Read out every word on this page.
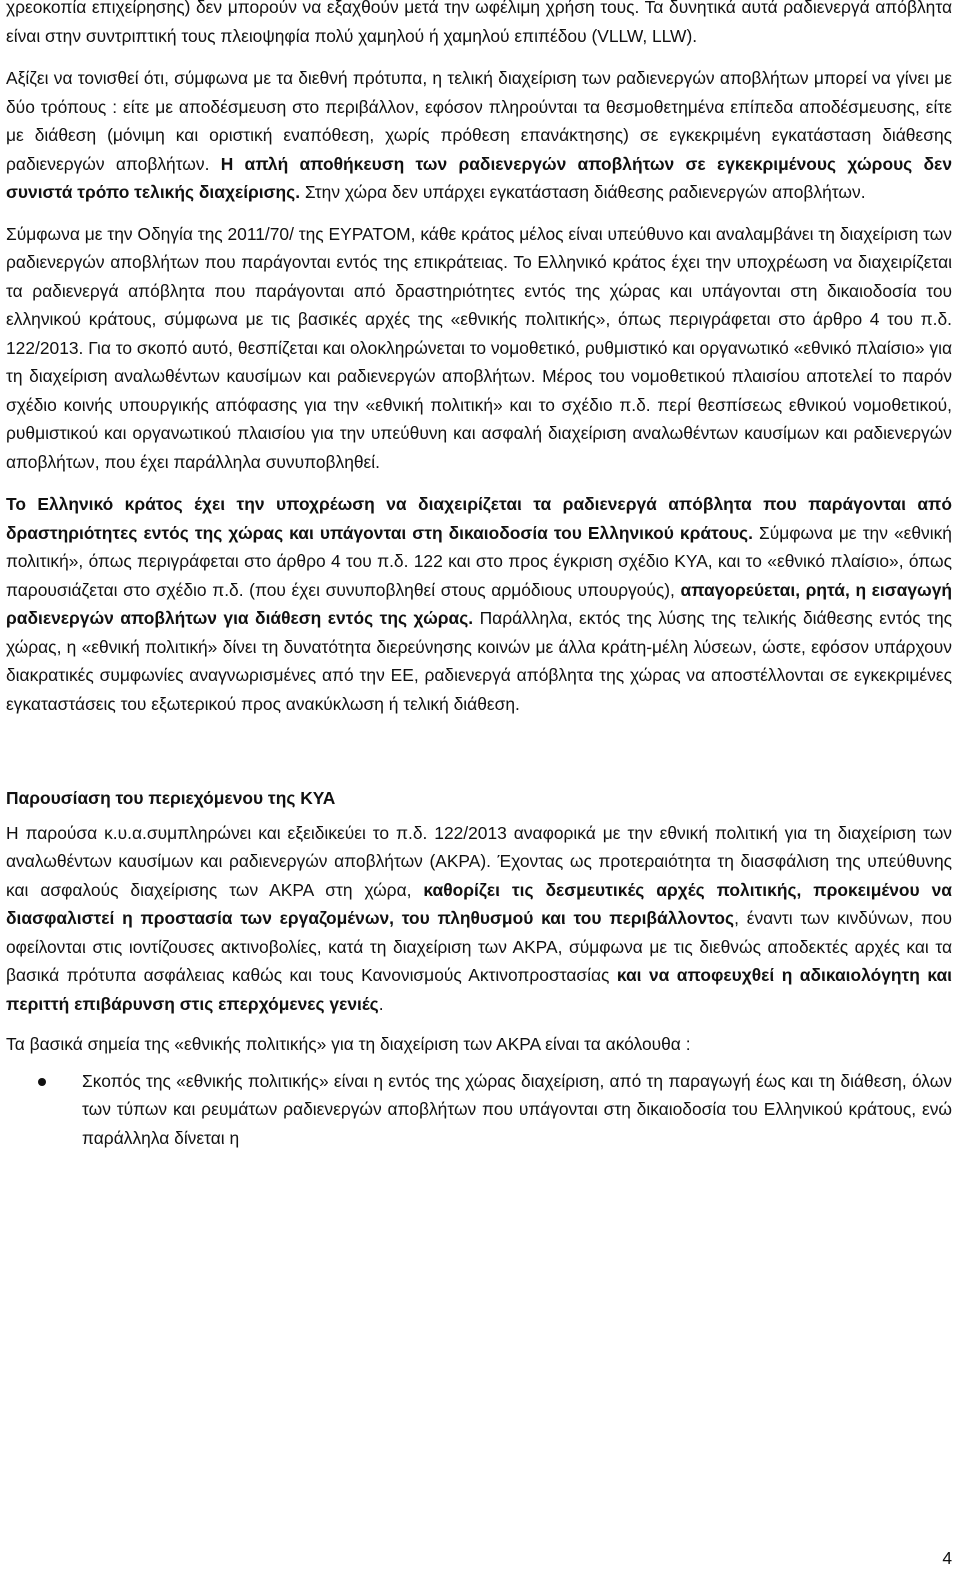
χρεοκοπία επιχείρησης) δεν μπορούν να εξαχθούν μετά την ωφέλιμη χρήση τους. Τα δυνητικά αυτά ραδιενεργά απόβλητα είναι στην συντριπτική τους πλειοψηφία πολύ χαμηλού ή χαμηλού επιπέδου (VLLW, LLW).

Αξίζει να τονισθεί ότι, σύμφωνα με τα διεθνή πρότυπα, η τελική διαχείριση των ραδιενεργών αποβλήτων μπορεί να γίνει με δύο τρόπους : είτε με αποδέσμευση στο περιβάλλον, εφόσον πληρούνται τα θεσμοθετημένα επίπεδα αποδέσμευσης, είτε με διάθεση (μόνιμη και οριστική εναπόθεση, χωρίς πρόθεση επανάκτησης) σε εγκεκριμένη εγκατάσταση διάθεσης ραδιενεργών αποβλήτων. Η απλή αποθήκευση των ραδιενεργών αποβλήτων σε εγκεκριμένους χώρους δεν συνιστά τρόπο τελικής διαχείρισης. Στην χώρα δεν υπάρχει εγκατάσταση διάθεσης ραδιενεργών αποβλήτων.

Σύμφωνα με την Οδηγία της 2011/70/ της ΕΥΡΑΤΟΜ, κάθε κράτος μέλος είναι υπεύθυνο και αναλαμβάνει τη διαχείριση των ραδιενεργών αποβλήτων που παράγονται εντός της επικράτειας. Το Ελληνικό κράτος έχει την υποχρέωση να διαχειρίζεται τα ραδιενεργά απόβλητα που παράγονται από δραστηριότητες εντός της χώρας και υπάγονται στη δικαιοδοσία του ελληνικού κράτους, σύμφωνα με τις βασικές αρχές της «εθνικής πολιτικής», όπως περιγράφεται στο άρθρο 4 του π.δ. 122/2013. Για το σκοπό αυτό, θεσπίζεται και ολοκληρώνεται το νομοθετικό, ρυθμιστικό και οργανωτικό «εθνικό πλαίσιο» για τη διαχείριση αναλωθέντων καυσίμων και ραδιενεργών αποβλήτων. Μέρος του νομοθετικού πλαισίου αποτελεί το παρόν σχέδιο κοινής υπουργικής απόφασης για την «εθνική πολιτική» και το σχέδιο π.δ. περί θεσπίσεως εθνικού νομοθετικού, ρυθμιστικού και οργανωτικού πλαισίου για την υπεύθυνη και ασφαλή διαχείριση αναλωθέντων καυσίμων και ραδιενεργών αποβλήτων, που έχει παράλληλα συνυποβληθεί.

Το Ελληνικό κράτος έχει την υποχρέωση να διαχειρίζεται τα ραδιενεργά απόβλητα που παράγονται από δραστηριότητες εντός της χώρας και υπάγονται στη δικαιοδοσία του Ελληνικού κράτους. Σύμφωνα με την «εθνική πολιτική», όπως περιγράφεται στο άρθρο 4 του π.δ. 122 και στο προς έγκριση σχέδιο ΚΥΑ, και το «εθνικό πλαίσιο», όπως παρουσιάζεται στο σχέδιο π.δ. (που έχει συνυποβληθεί στους αρμόδιους υπουργούς), απαγορεύεται, ρητά, η εισαγωγή ραδιενεργών αποβλήτων για διάθεση εντός της χώρας. Παράλληλα, εκτός της λύσης της τελικής διάθεσης εντός της χώρας, η «εθνική πολιτική» δίνει τη δυνατότητα διερεύνησης κοινών με άλλα κράτη-μέλη λύσεων, ώστε, εφόσον υπάρχουν διακρατικές συμφωνίες αναγνωρισμένες από την ΕΕ, ραδιενεργά απόβλητα της χώρας να αποστέλλονται σε εγκεκριμένες εγκαταστάσεις του εξωτερικού προς ανακύκλωση ή τελική διάθεση.

Παρουσίαση του περιεχόμενου της ΚΥΑ

Η παρούσα κ.υ.α.συμπληρώνει και εξειδικεύει το π.δ. 122/2013 αναφορικά με την εθνική πολιτική για τη διαχείριση των αναλωθέντων καυσίμων και ραδιενεργών αποβλήτων (ΑΚΡΑ). Έχοντας ως προτεραιότητα τη διασφάλιση της υπεύθυνης και ασφαλούς διαχείρισης των ΑΚΡΑ στη χώρα, καθορίζει τις δεσμευτικές αρχές πολιτικής, προκειμένου να διασφαλιστεί η προστασία των εργαζομένων, του πληθυσμού και του περιβάλλοντος, έναντι των κινδύνων, που οφείλονται στις ιοντίζουσες ακτινοβολίες, κατά τη διαχείριση των ΑΚΡΑ, σύμφωνα με τις διεθνώς αποδεκτές αρχές και τα βασικά πρότυπα ασφάλειας καθώς και τους Κανονισμούς Ακτινοπροστασίας και να αποφευχθεί η αδικαιολόγητη και περιττή επιβάρυνση στις επερχόμενες γενιές.

Τα βασικά σημεία της «εθνικής πολιτικής» για τη διαχείριση των ΑΚΡΑ είναι τα ακόλουθα :

Σκοπός της «εθνικής πολιτικής» είναι η εντός της χώρας διαχείριση, από τη παραγωγή έως και τη διάθεση, όλων των τύπων και ρευμάτων ραδιενεργών αποβλήτων που υπάγονται στη δικαιοδοσία του Ελληνικού κράτους, ενώ παράλληλα δίνεται η

4
